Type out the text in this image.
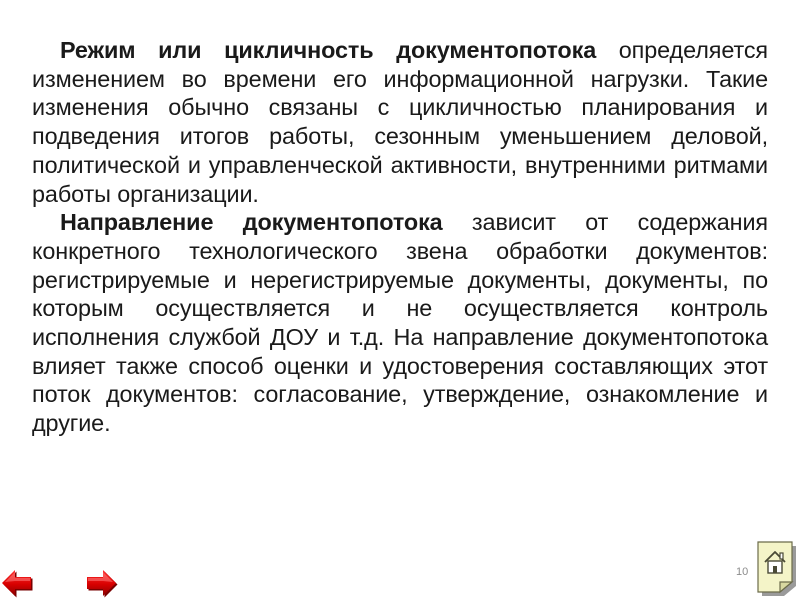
Режим или цикличность документопотока определяется изменением во времени его информационной нагрузки. Такие изменения обычно связаны с цикличностью планирования и подведения итогов работы, сезонным уменьшением деловой, политической и управленческой активности, внутренними ритмами работы организации.

Направление документопотока зависит от содержания конкретного технологического звена обработки документов: регистрируемые и нерегистрируемые документы, документы, по которым осуществляется и не осуществляется контроль исполнения службой ДОУ и т.д. На направление документопотока влияет также способ оценки и удостоверения составляющих этот поток документов: согласование, утверждение, ознакомление и другие.

10
